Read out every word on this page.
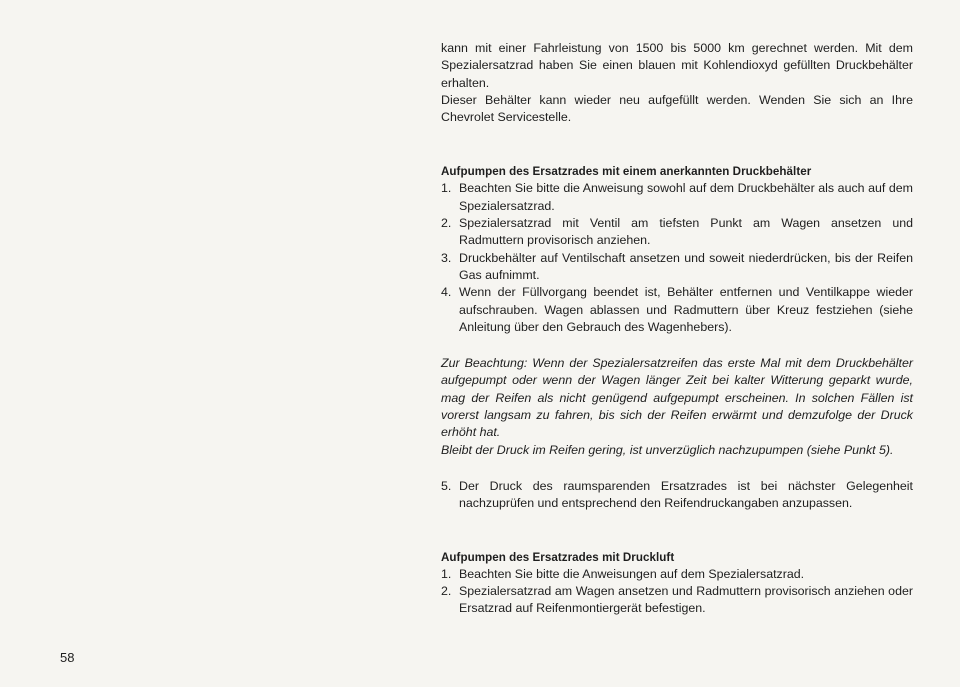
kann mit einer Fahrleistung von 1500 bis 5000 km gerechnet werden. Mit dem Spezialersatzrad haben Sie einen blauen mit Kohlendioxyd gefüllten Druckbehälter erhalten.

Dieser Behälter kann wieder neu aufgefüllt werden. Wenden Sie sich an Ihre Chevrolet Servicestelle.

Aufpumpen des Ersatzrades mit einem anerkannten Druckbehälter
1. Beachten Sie bitte die Anweisung sowohl auf dem Druckbehälter als auch auf dem Spezialersatzrad.
2. Spezialersatzrad mit Ventil am tiefsten Punkt am Wagen ansetzen und Radmuttern provisorisch anziehen.
3. Druckbehälter auf Ventilschaft ansetzen und soweit niederdrücken, bis der Reifen Gas aufnimmt.
4. Wenn der Füllvorgang beendet ist, Behälter entfernen und Ventilkappe wieder aufschrauben. Wagen ablassen und Radmuttern über Kreuz festziehen (siehe Anleitung über den Gebrauch des Wagenhebers).

Zur Beachtung: Wenn der Spezialersatzreifen das erste Mal mit dem Druckbehälter aufgepumpt oder wenn der Wagen länger Zeit bei kalter Witterung geparkt wurde, mag der Reifen als nicht genügend aufgepumpt erscheinen. In solchen Fällen ist vorerst langsam zu fahren, bis sich der Reifen erwärmt und demzufolge der Druck erhöht hat.

Bleibt der Druck im Reifen gering, ist unverzüglich nachzupumpen (siehe Punkt 5).

5. Der Druck des raumsparenden Ersatzrades ist bei nächster Gelegenheit nachzuprüfen und entsprechend den Reifendruckangaben anzupassen.
Aufpumpen des Ersatzrades mit Druckluft
1. Beachten Sie bitte die Anweisungen auf dem Spezialersatzrad.
2. Spezialersatzrad am Wagen ansetzen und Radmuttern provisorisch anziehen oder Ersatzrad auf Reifenmontiergerät befestigen.
58
